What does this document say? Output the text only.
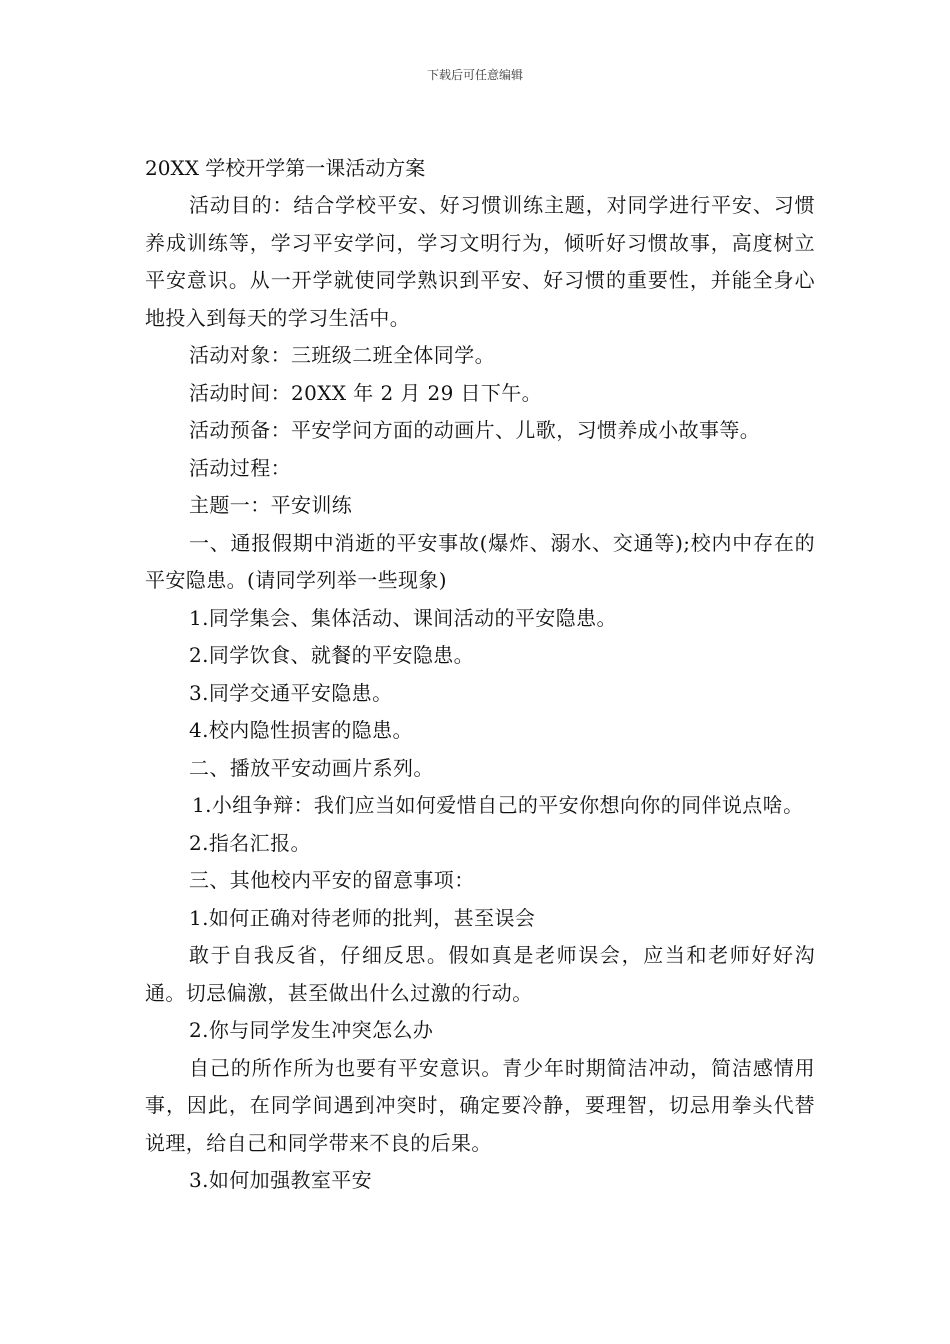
下载后可任意编辑

20XX 学校开学第一课活动方案

活动目的：结合学校平安、好习惯训练主题，对同学进行平安、习惯养成训练等，学习平安学问，学习文明行为，倾听好习惯故事，高度树立平安意识。从一开学就使同学熟识到平安、好习惯的重要性，并能全身心地投入到每天的学习生活中。

活动对象：三班级二班全体同学。

活动时间：20XX 年 2 月 29 日下午。

活动预备：平安学问方面的动画片、儿歌，习惯养成小故事等。

活动过程：

主题一：平安训练

一、通报假期中消逝的平安事故(爆炸、溺水、交通等);校内中存在的平安隐患。(请同学列举一些现象)

1.同学集会、集体活动、课间活动的平安隐患。

2.同学饮食、就餐的平安隐患。

3.同学交通平安隐患。

4.校内隐性损害的隐患。

二、播放平安动画片系列。

1.小组争辩：我们应当如何爱惜自己的平安你想向你的同伴说点啥。

2.指名汇报。

三、其他校内平安的留意事项：

1.如何正确对待老师的批判，甚至误会

敢于自我反省，仔细反思。假如真是老师误会，应当和老师好好沟通。切忌偏激，甚至做出什么过激的行动。

2.你与同学发生冲突怎么办

自己的所作所为也要有平安意识。青少年时期简洁冲动，简洁感情用事，因此，在同学间遇到冲突时，确定要冷静，要理智，切忌用拳头代替说理，给自己和同学带来不良的后果。

3.如何加强教室平安
